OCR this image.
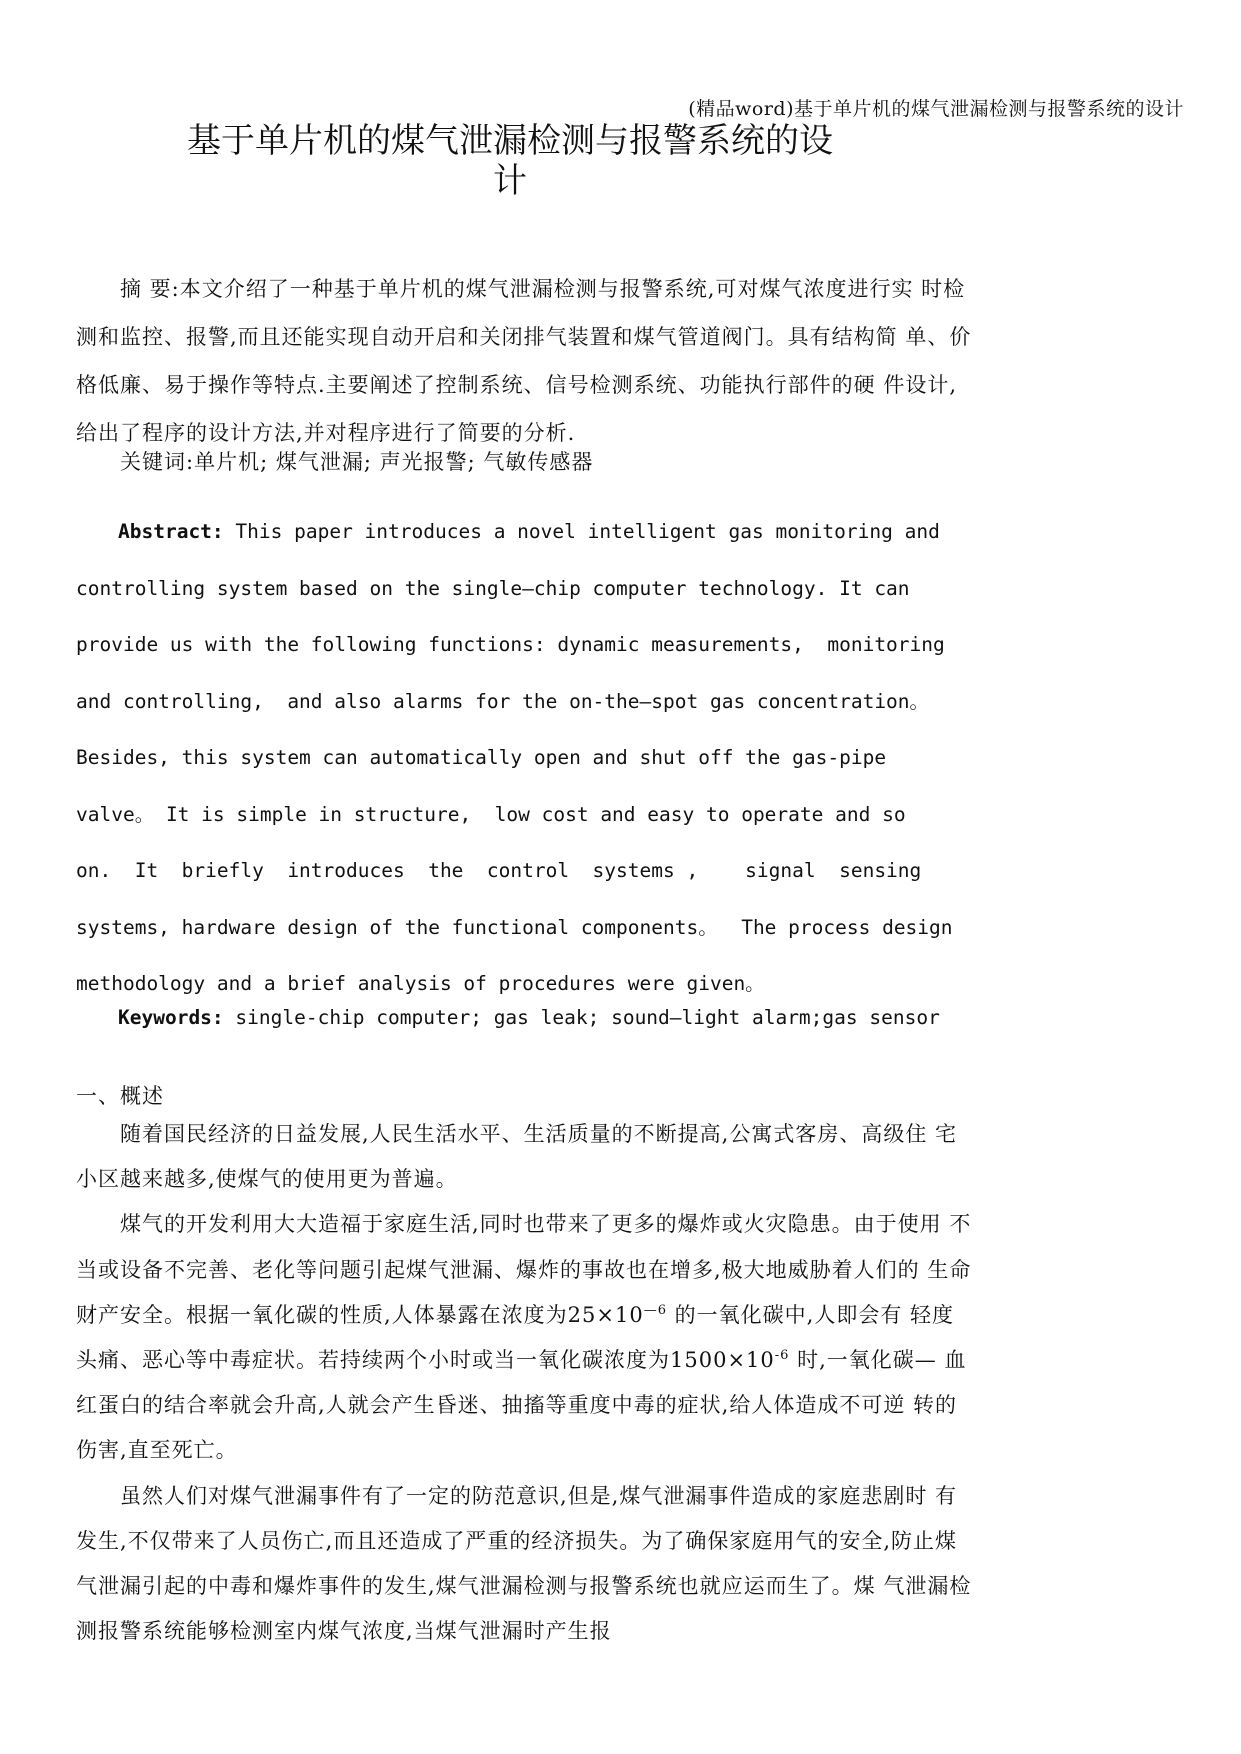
(精品word)基于单片机的煤气泄漏检测与报警系统的设计
基于单片机的煤气泄漏检测与报警系统的设
计

摘 要:本文介绍了一种基于单片机的煤气泄漏检测与报警系统,可对煤气浓度进行实 时检测和监控、报警,而且还能实现自动开启和关闭排气装置和煤气管道阀门。具有结构简 单、价格低廉、易于操作等特点.主要阐述了控制系统、信号检测系统、功能执行部件的硬 件设计,给出了程序的设计方法,并对程序进行了简要的分析.

关键词:单片机; 煤气泄漏; 声光报警; 气敏传感器

Abstract: This paper introduces a novel intelligent gas monitoring and

controlling system based on the single—chip computer technology. It can

provide us with the following functions: dynamic measurements,  monitoring

and controlling,  and also alarms for the on-the—spot gas concentration。

Besides, this system can automatically open and shut off the gas-pipe

valve。 It is simple in structure,  low cost and easy to operate and so

on.  It  briefly  introduces  the  control  systems ,    signal  sensing

systems, hardware design of the functional components。  The process design

methodology and a brief analysis of procedures were given。

Keywords: single-chip computer; gas leak; sound—light alarm;gas sensor
一、概述

随着国民经济的日益发展,人民生活水平、生活质量的不断提高,公寓式客房、高级住 宅小区越来越多,使煤气的使用更为普遍。

煤气的开发利用大大造福于家庭生活,同时也带来了更多的爆炸或火灾隐患。由于使用 不当或设备不完善、老化等问题引起煤气泄漏、爆炸的事故也在增多,极大地威胁着人们的 生命财产安全。根据一氧化碳的性质,人体暴露在浓度为$25\times 10^{—6}$ 的一氧化碳中,人即会有 轻度头痛、恶心等中毒症状。若持续两个小时或当一氧化碳浓度为$1500\times 10^{-6}$ 时,一氧化碳— 血红蛋白的结合率就会升高,人就会产生昏迷、抽搐等重度中毒的症状,给人体造成不可逆 转的伤害,直至死亡。

虽然人们对煤气泄漏事件有了一定的防范意识,但是,煤气泄漏事件造成的家庭悲剧时 有发生,不仅带来了人员伤亡,而且还造成了严重的经济损失。为了确保家庭用气的安全,防止煤气泄漏引起的中毒和爆炸事件的发生,煤气泄漏检测与报警系统也就应运而生了。煤 气泄漏检测报警系统能够检测室内煤气浓度,当煤气泄漏时产生报
